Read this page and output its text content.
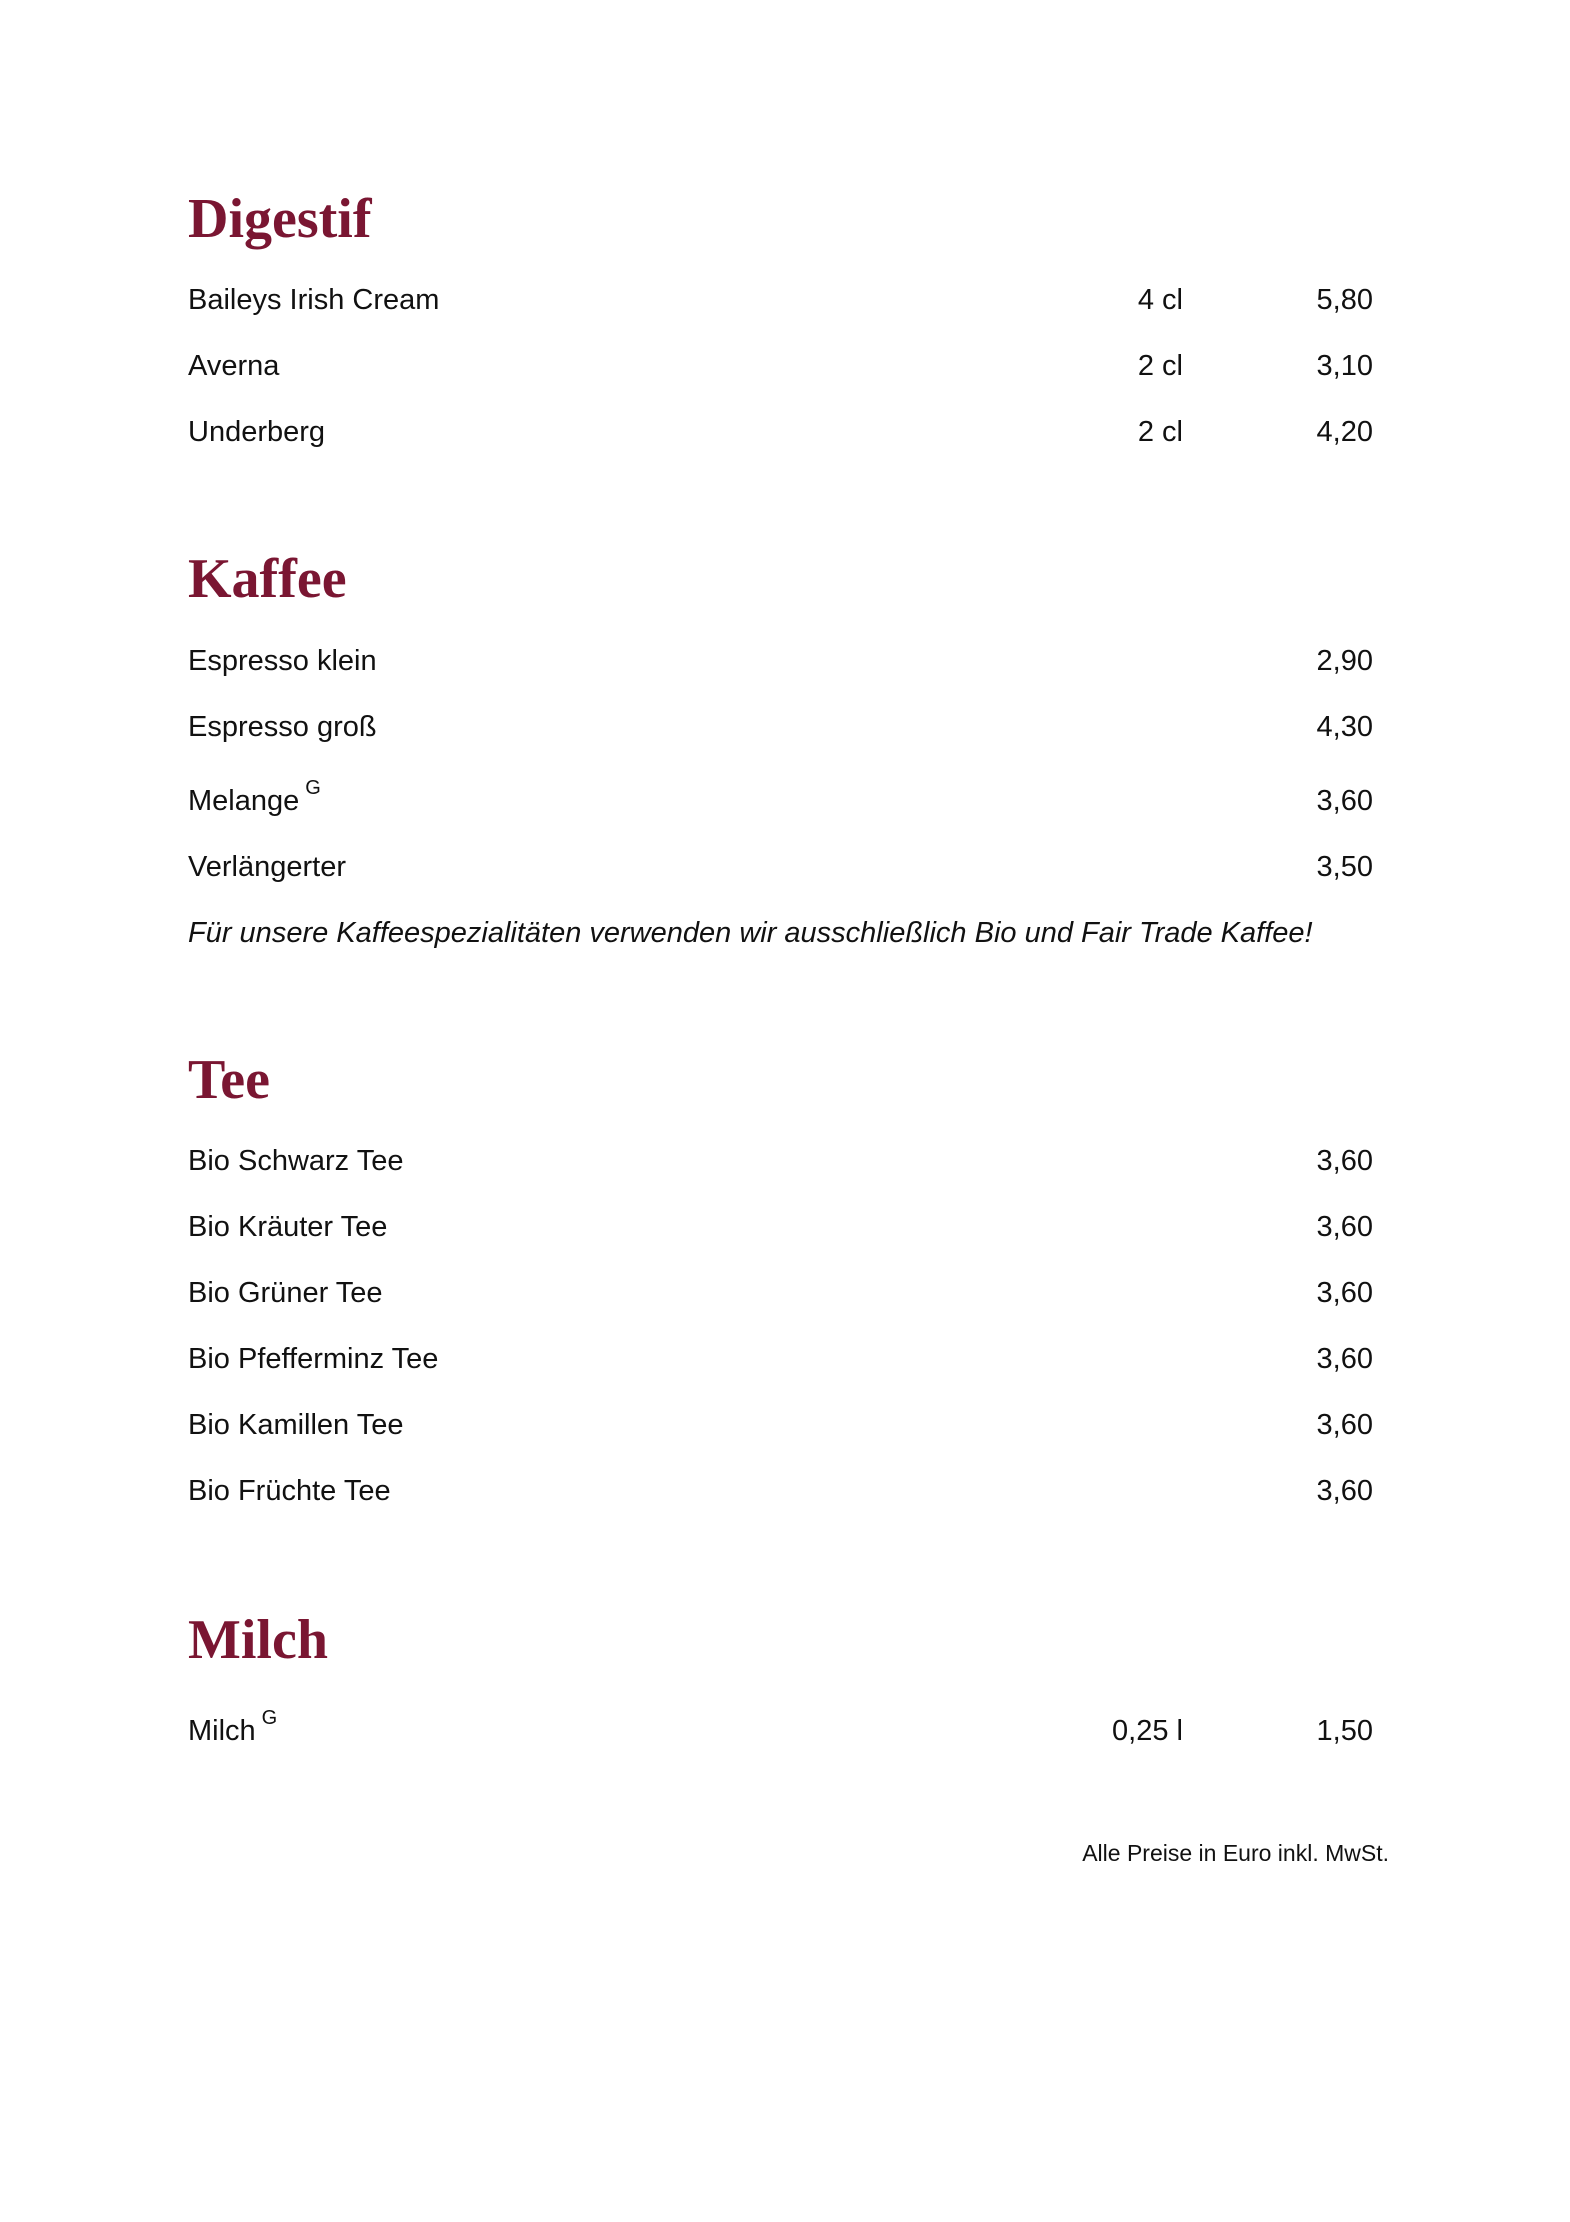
Digestif
Baileys Irish Cream	4 cl	5,80
Averna	2 cl	3,10
Underberg	2 cl	4,20
Kaffee
Espresso klein	2,90
Espresso groß	4,30
Melange $^G$	3,60
Verlängerter	3,50
Für unsere Kaffeespezialitäten verwenden wir ausschließlich Bio und Fair Trade Kaffee!
Tee
Bio Schwarz Tee	3,60
Bio Kräuter Tee	3,60
Bio Grüner Tee	3,60
Bio Pfefferminz Tee	3,60
Bio Kamillen Tee	3,60
Bio Früchte Tee	3,60
Milch
Milch $^G$	0,25 l	1,50
Alle Preise in Euro inkl. MwSt.
